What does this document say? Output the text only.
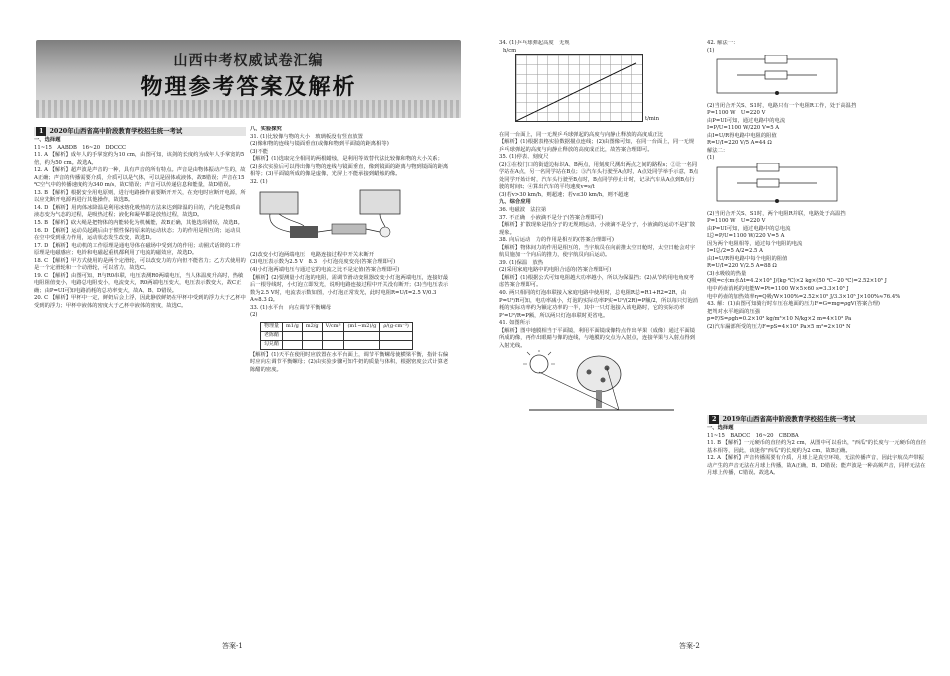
山西中考权威试卷汇编
物理参考答案及解析
1 2020年山西省高中阶段教育学校招生统一考试

一、选择题

11~15　AABDB　16~20　DDCCC

11. A 【解析】成年人的手掌宽约为10 cm，由图可知，该剑的长度约为成年人手掌宽的5倍，约为50 cm。故选A。

12. A 【解析】超声波是声音的一种，具有声音的所有特点。声音是由物体振动产生的，故A正确；声音的传播需要介质，介质可以是气体，可以是固体或液体，故B错误；声音在15 ℃空气中的传播速度约为340 m/s，故C错误；声音可以传递信息和能量，故D错误。

13. B 【解析】根据安全用电原则，进行电路操作前要断开开关，在充电时应断开电源，所以应先断开电源再进行其他操作，故选B。

14. D 【解析】用肉体冰降温是利用冰熔化吸热的方法来达到降温的目的，汽化是物质由液态变为气态的过程，是吸热过程；液化和凝华都是放热过程，故选D。

15. B 【解析】砍大绳是把物体的内能转化为机械能，故B正确，其他选项错误，故选B。

16. D 【解析】运动员起跳后由于惯性保持原来的运动状态；力的作用是相互的；运动员在空中受到重力作用，运动状态发生改变，故选D。

17. D 【解析】电动机的工作原理是通电导体在磁场中受到力的作用；动圈式话筒的工作原理是电磁感应；电铃和电磁起重机都利用了电流的磁效应，故选D。

18. C 【解析】甲方式使用的是两个定滑轮，可以改变力的方向但不能省力；乙方式使用的是一个定滑轮和一个动滑轮，可以省力，故选C。

19. C 【解析】由图可知，R与R0串联，电压表测R0两端电压，当人体温度升高时，热敏电阻阻值变小，电路总电阻变小，电流变大，R0两端电压变大，电压表示数变大，故C正确；由P=UI可知电路消耗的总功率变大，故A、B、D错误。

20. C 【解析】甲杯中一定，鲜奶后会上浮，因此静放鲜奶在甲杯中受到的浮力大于乙杯中受到的浮力；甲杯中液体的密度大于乙杯中液体的密度，故选C。

八、实验探究

31. (1)比较像与物的大小　玻璃板没有竖直放置

(2)像和物的连线与镜面垂直(或像和物到平面镜的距离相等)

(3)不能

【解析】(1)选取完全相同的两根蜡烛，是利用等效替代法比较像和物的大小关系；(2)多次实验后可以得出像与物的连线与镜面垂直，像到镜面的距离与物到镜面的距离相等；(3)平面镜所成的像是虚像，光屏上不能承接到蜡烛的像。

32. (1)

(2)改变小灯泡两端电压　电路连接过程中开关未断开

(3)电压表示数为2.5 V　8.3　小灯泡亮度变亮(答案合理即可)

(4)小灯泡两端电压与通过它的电流之比不是定值(答案合理即可)

【解析】(2)要测量小灯泡的电阻，需调节滑动变阻器改变小灯泡两端电压，连接好最后一根导线时，小灯泡立即发光，说明电路连接过程中开关没有断开；(3)当电压表示数为2.5 V时，电流表示数如图，小灯泡正常发光，此时电阻R=U/I=2.5 V/0.3 A≈8.3 Ω。

33. (1)水平台　向左调节平衡螺母

(2)

物理量	m1/g	m2/g	V/cm³	(m1−m2)/g	ρ/(g·cm⁻³)
老陈醋					
勾兑醋					

【解析】(1)天平在使用时应放置在水平台面上，调节平衡螺母使横梁平衡，指针右偏时应向左调节平衡螺母；(2)由实验步骤可知牛奶的质量与体积，根据密度公式计算老陈醋的密度。

答案-1

34. (1)乒乓球弹起高度　无规

h/cm
t/min

在同一台面上，同一无规乒乓球弹起的高度与向静止释放的高度成正比

【解析】(1)根据表格实验数据描点连线；(2)由图像可知，在同一台面上，同一无规乒乓球弹起的高度与向静止释放的高度成正比，故答案合理即可。

35. (1)停表、刻度尺

(2)①在校门口的街道边标识A、B两点，用刻度尺测出两点之间的路程s；②让一名同学站在A点，另一名同学站在B点；③汽车头行驶至A点时，A点处同学举手示意，B点处同学开始计时，汽车头行驶至B点时，B点同学停止计时，记录汽车从A点到B点行驶的时间t；④算出汽车的平均速度v=s/t

(3)若v>30 km/h，则超速；若v≤30 km/h，则不超速

九、综合应用

36. 电磁波　法拉第

37. 不正确　小液滴不是分子(答案合理即可)

【解析】扩散现象是指分子的无规则运动，小液滴不是分子，小液滴的运动不是扩散现象。

38. 向后运动　力的作用是相互的(答案合理即可)

【解析】物体间力的作用是相互的，当宇航员在向前推太空日舱时，太空日舱会对宇航员施加一个向后的推力，使宇航员向后运动。

39. (1)保温　放热

(2)采用家庭电路中的电阻合适的(答案合理即可)

【解析】(1)根据公式可知电阻越大功率越小，所以为保温挡；(2)从节约用电角度考虑答案合理即可。

40. 两只相同的灯泡串联接入家庭电路中使用时，总电阻R总=R1+R2=2R，由P=U²/R可知，电功率减小，灯泡的实际功率P实=U²/(2R)=P额/2，所以每只灯泡消耗的实际功率约为额定功率的一半，其中一只灯泡接入该电路时，它的实际功率P'=U²/R=P额，所以两只灯泡串联时更省电。

41. 如图所示

【解析】图中地膜相当于平面镜，利用平面镜成像特点作出苹果（成像）通过平面镜所成的像，再作出眼睛与像的连线，与地膜的交点为入射点，连接苹果与入射点得到入射光线。

42. 解法一：

(1)

(2)当闭合开关S、S1时，电路只有一个电阻R工作，处于高温挡

P=1100 W　U=220 V

由P=UI可知，通过电路中的电流

I=P/U=1100 W/220 V=5 A

由I=U/R得电路中电阻的阻值

R=U/I=220 V/5 A=44 Ω

解法二：

(1)

(2)当闭合开关S、S1时，两个电阻R并联，电路处于高温挡

P=1100 W　U=220 V

由P=UI可知，通过电路中的总电流

I总=P/U=1100 W/220 V=5 A

因为两个电阻相等，通过每个电阻的电流

I=I总/2=5 A/2=2.5 A

由I=U/R得电路中每个电阻的阻值

R=U/I=220 V/2.5 A=88 Ω

(3)水吸收的热量

Q吸=c水m水Δt=4.2×10³ J/(kg·℃)×2 kg×(50 ℃−20 ℃)=2.52×10⁵ J

电中药壶消耗的电能W=Pt=1100 W×5×60 s=3.3×10⁵ J

电中药壶的加热效率η=Q吸/W×100%=2.52×10⁵ J/3.3×10⁵ J×100%≈76.4%

43. 解：(1)由图可知骑行时车压在地面的压力F=G=mg=ρgV(答案合理)

把驾对水平地面的压强

p=F/S=ρgh=0.2×10³ kg/m³×10 N/kg×2 m=4×10³ Pa

(2)汽车漏部所受的压力F=pS=4×10³ Pa×5 m²=2×10⁴ N

2 2019年山西省高中阶段教育学校招生统一考试

一、选择题

11~15　BADCC　16~20　CBDBA

11. B 【解析】一元硬币的直径约为2 cm，从图中可以看出，"西瓜"的长度与一元硬币的直径基本相等，因此，该迷你"西瓜"的长度约为2 cm，故B正确。

12. A 【解析】声音传播需要有介质，月球上是真空环境，无法传播声音，因此宇航员声带振动产生的声音无法在月球上传播，故A正确，B、D错误；能声波是一种高频声音，同样无法在月球上传播，C错误。故选A。

答案-2
